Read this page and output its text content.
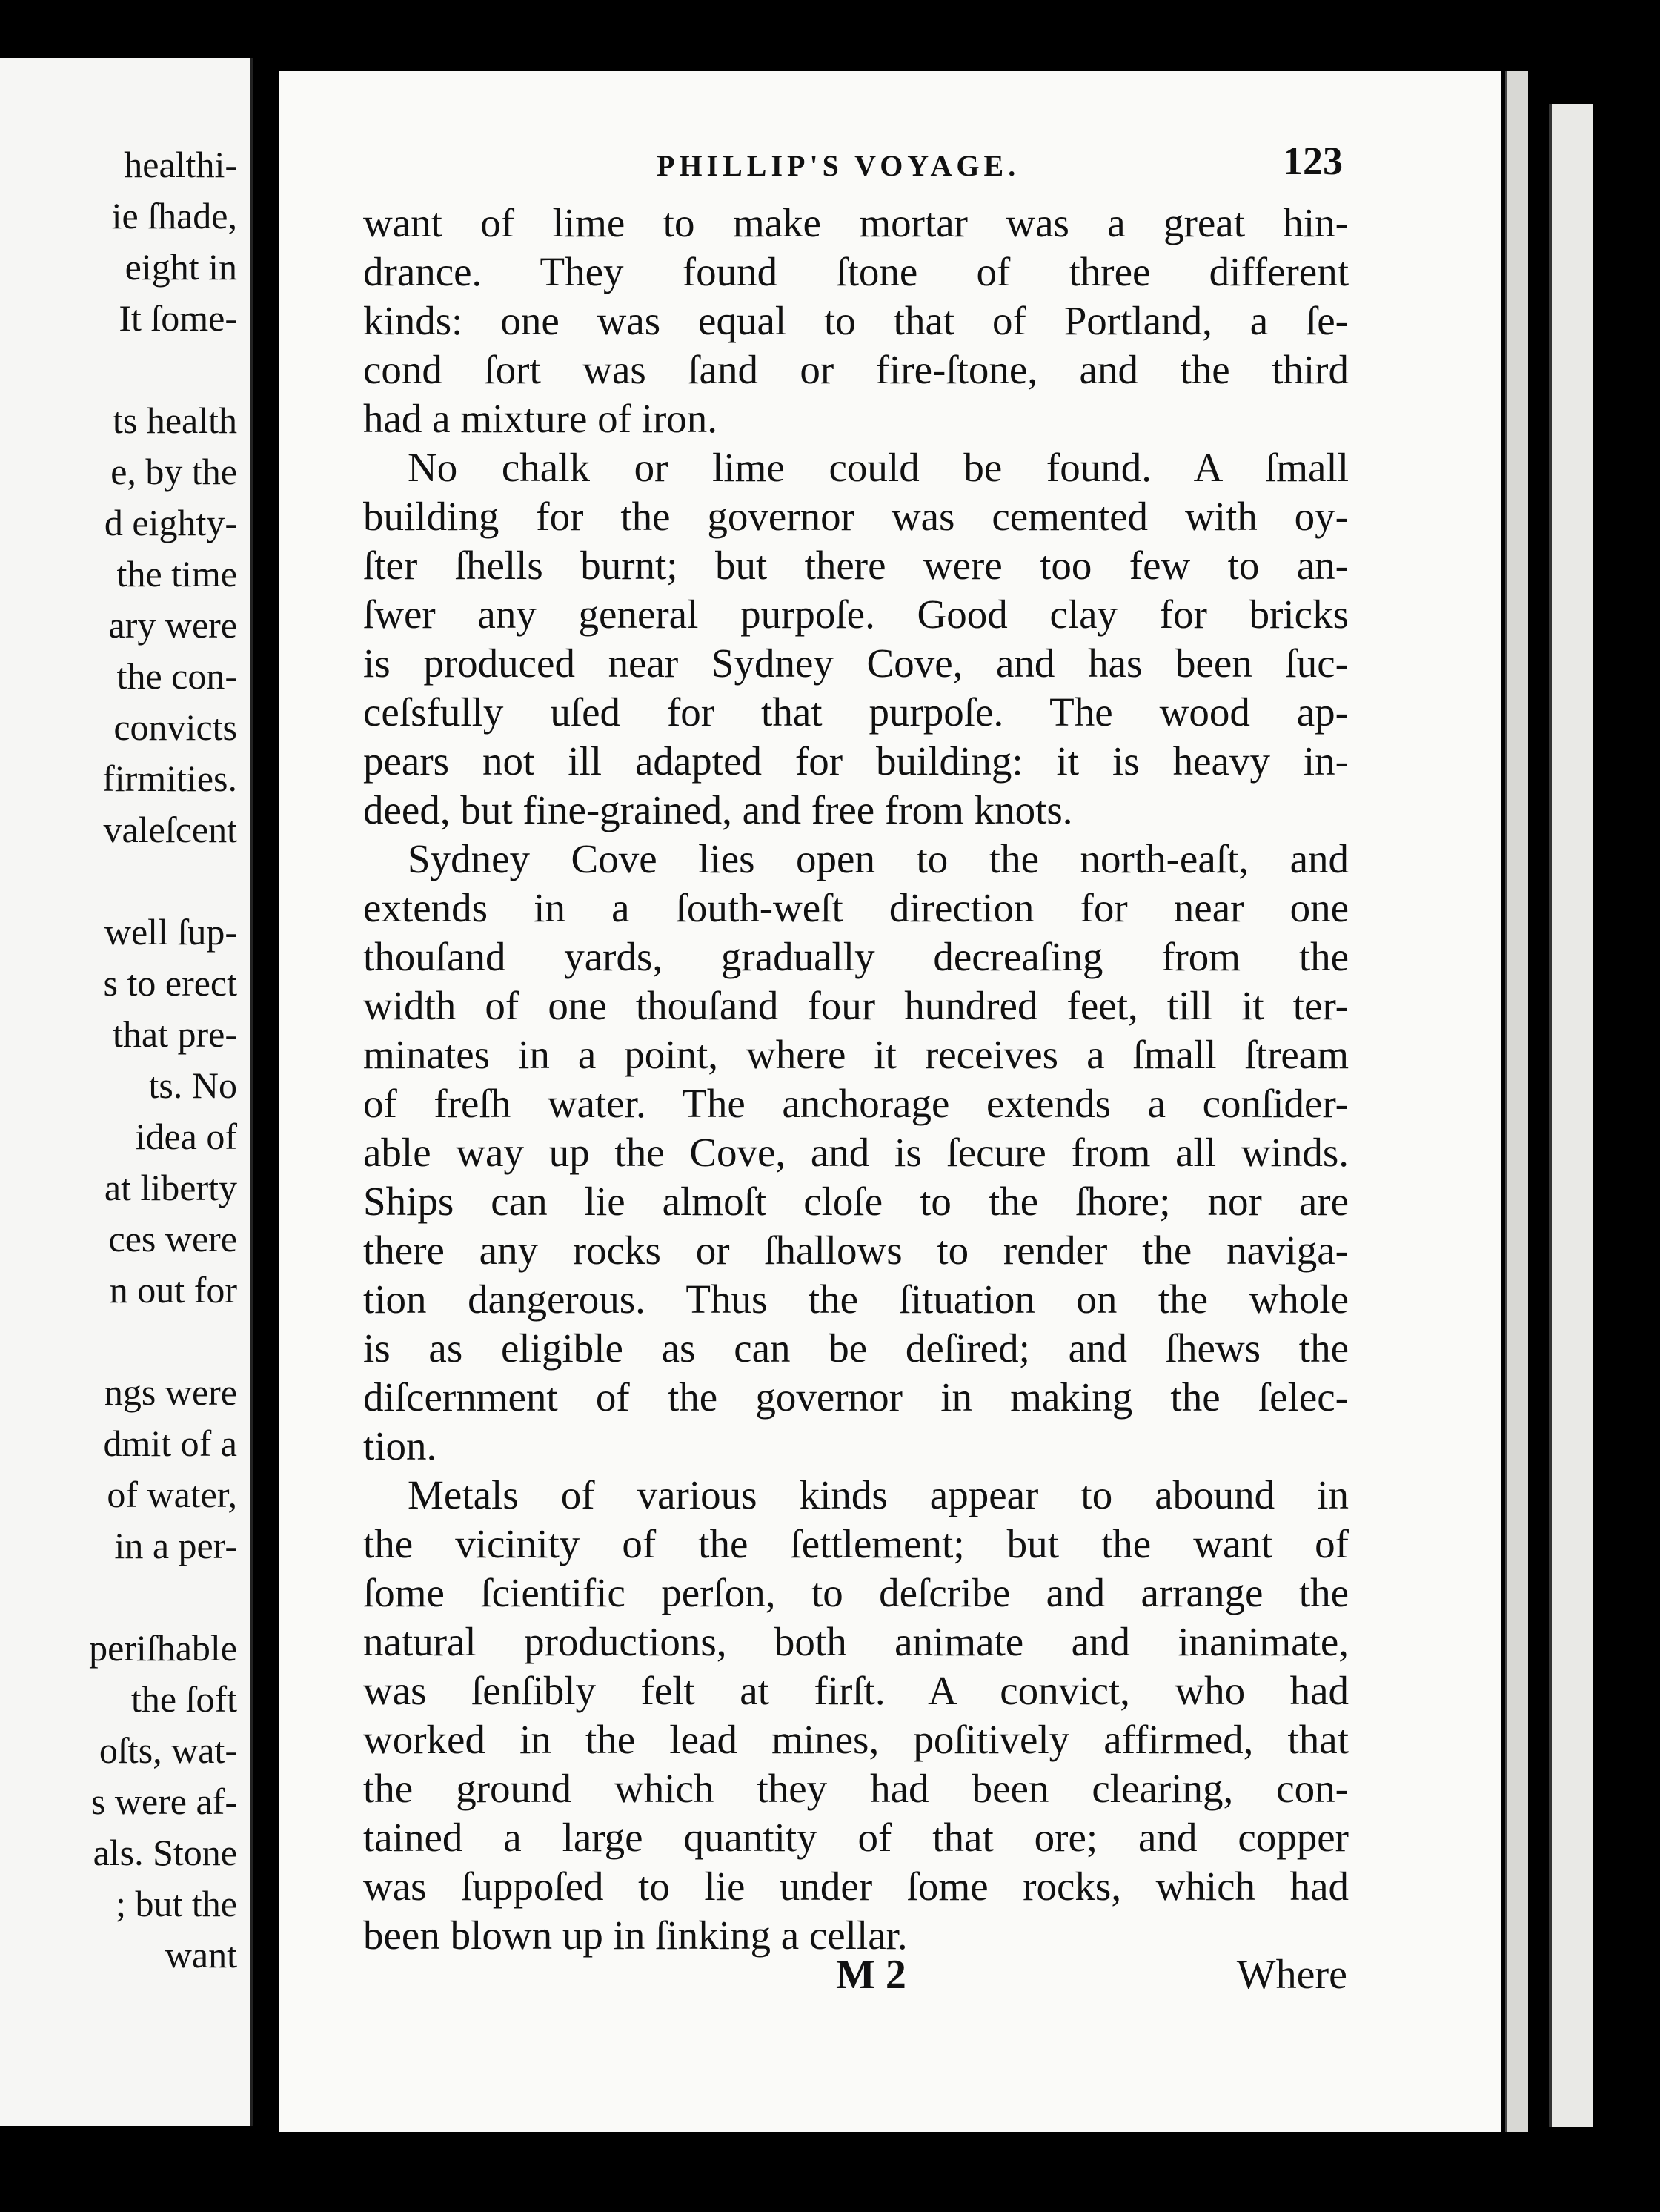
healthi-
ie ſhade,
eight in
It ſome-
ts health
e, by the
d eighty-
the time
ary were
the con-
convicts
firmities.
valeſcent
well ſup-
s to erect
that pre-
ts. No
idea of
at liberty
ces were
n out for
ngs were
dmit of a
of water,
in a per-
periſhable
the ſoft
oſts, wat-
s were af-
als. Stone
; but the
want
PHILLIP'S VOYAGE.	123
want of lime to make mortar was a great hin-
drance. They found ſtone of three different
kinds: one was equal to that of Portland, a ſe-
cond ſort was ſand or fire-ſtone, and the third
had a mixture of iron.
No chalk or lime could be found. A ſmall
building for the governor was cemented with oy-
ſter ſhells burnt; but there were too few to an-
ſwer any general purpoſe. Good clay for bricks
is produced near Sydney Cove, and has been ſuc-
ceſsfully uſed for that purpoſe. The wood ap-
pears not ill adapted for building: it is heavy in-
deed, but fine-grained, and free from knots.
Sydney Cove lies open to the north-eaſt, and
extends in a ſouth-weſt direction for near one
thouſand yards, gradually decreaſing from the
width of one thouſand four hundred feet, till it ter-
minates in a point, where it receives a ſmall ſtream
of freſh water. The anchorage extends a conſider-
able way up the Cove, and is ſecure from all winds.
Ships can lie almoſt cloſe to the ſhore; nor are
there any rocks or ſhallows to render the naviga-
tion dangerous. Thus the ſituation on the whole
is as eligible as can be deſired; and ſhews the
diſcernment of the governor in making the ſelec-
tion.
Metals of various kinds appear to abound in
the vicinity of the ſettlement; but the want of
ſome ſcientific perſon, to deſcribe and arrange the
natural productions, both animate and inanimate,
was ſenſibly felt at firſt. A convict, who had
worked in the lead mines, poſitively affirmed, that
the ground which they had been clearing, con-
tained a large quantity of that ore; and copper
was ſuppoſed to lie under ſome rocks, which had
been blown up in ſinking a cellar.
M 2	Where
